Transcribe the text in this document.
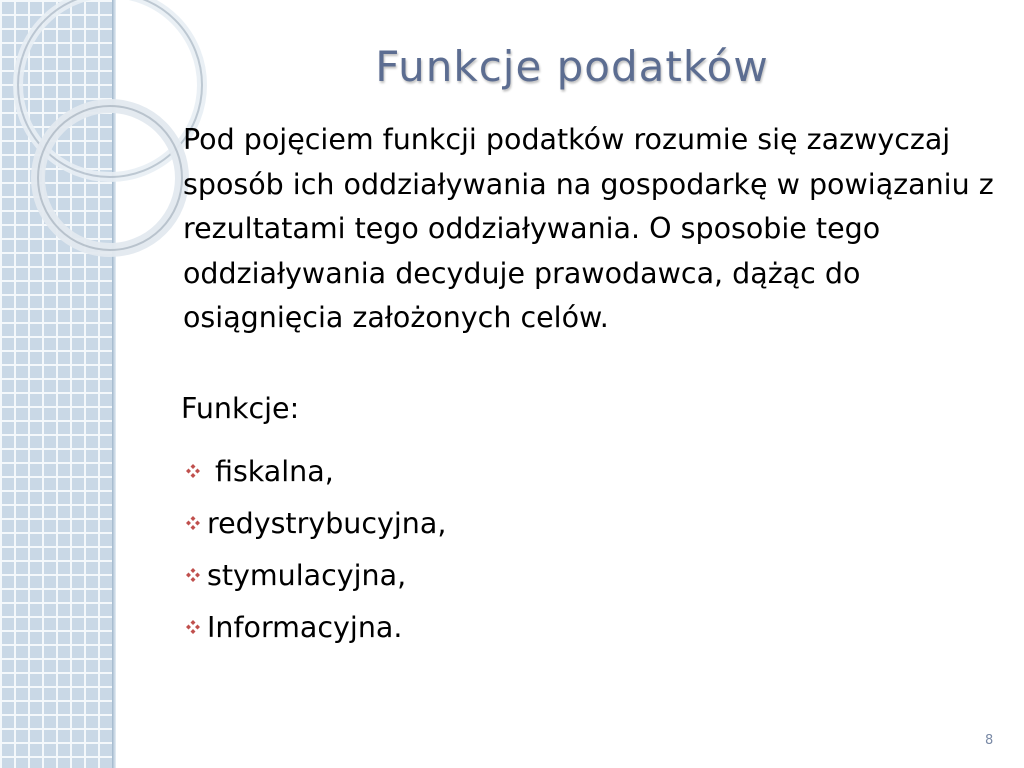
Funkcje podatków
Pod pojęciem funkcji podatków rozumie się zazwyczaj sposób ich oddziaływania na gospodarkę w powiązaniu z rezultatami tego oddziaływania. O sposobie tego oddziaływania decyduje prawodawca, dążąc do osiągnięcia założonych celów.
Funkcje:
fiskalna,
redystrybucyjna,
stymulacyjna,
Informacyjna.
8
